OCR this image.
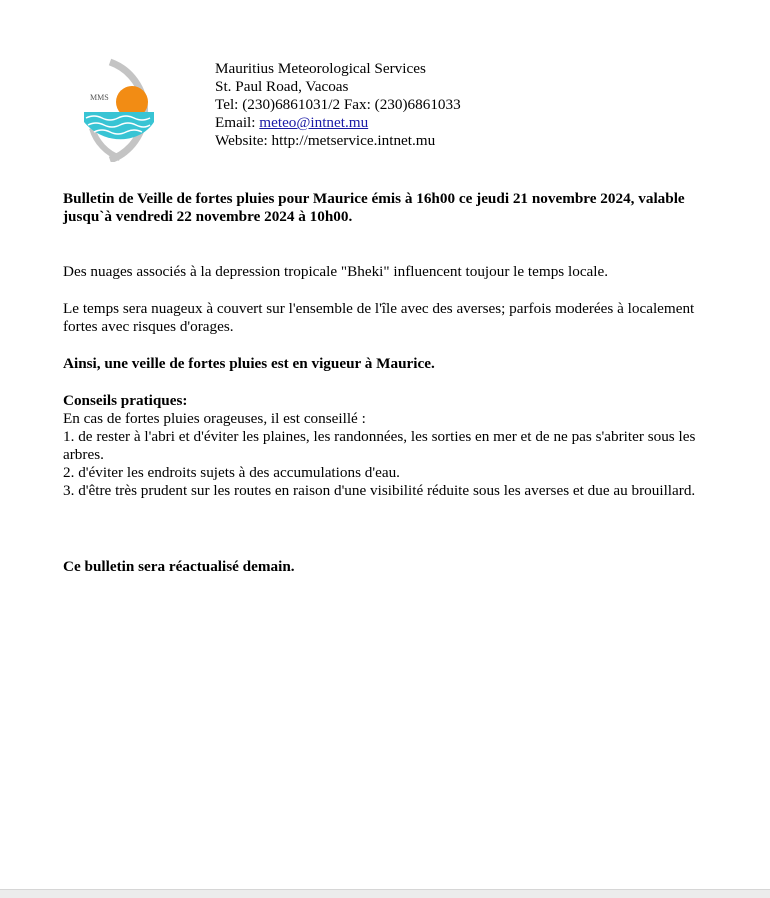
MMS
Mauritius Meteorological Services
St. Paul Road, Vacoas
Tel: (230)6861031/2 Fax: (230)6861033
Email: meteo@intnet.mu
Website: http://metservice.intnet.mu
Bulletin de Veille de fortes pluies pour Maurice émis à 16h00 ce jeudi 21 novembre 2024, valable jusqu`à vendredi 22 novembre 2024 à 10h00.
Des nuages associés à la depression tropicale "Bheki" influencent toujour le temps locale.
Le temps sera nuageux à couvert sur l'ensemble de l'île avec des averses; parfois moderées à localement fortes avec risques d'orages.
Ainsi, une veille de fortes pluies est en vigueur à Maurice.
Conseils pratiques:
En cas de fortes pluies orageuses, il est conseillé :
1. de rester à l'abri et d'éviter les plaines, les randonnées, les sorties en mer et de ne pas s'abriter sous les arbres.
2. d'éviter les endroits sujets à des accumulations d'eau.
3. d'être très prudent sur les routes en raison d'une visibilité réduite sous les averses et due au brouillard.
Ce bulletin sera réactualisé demain.
